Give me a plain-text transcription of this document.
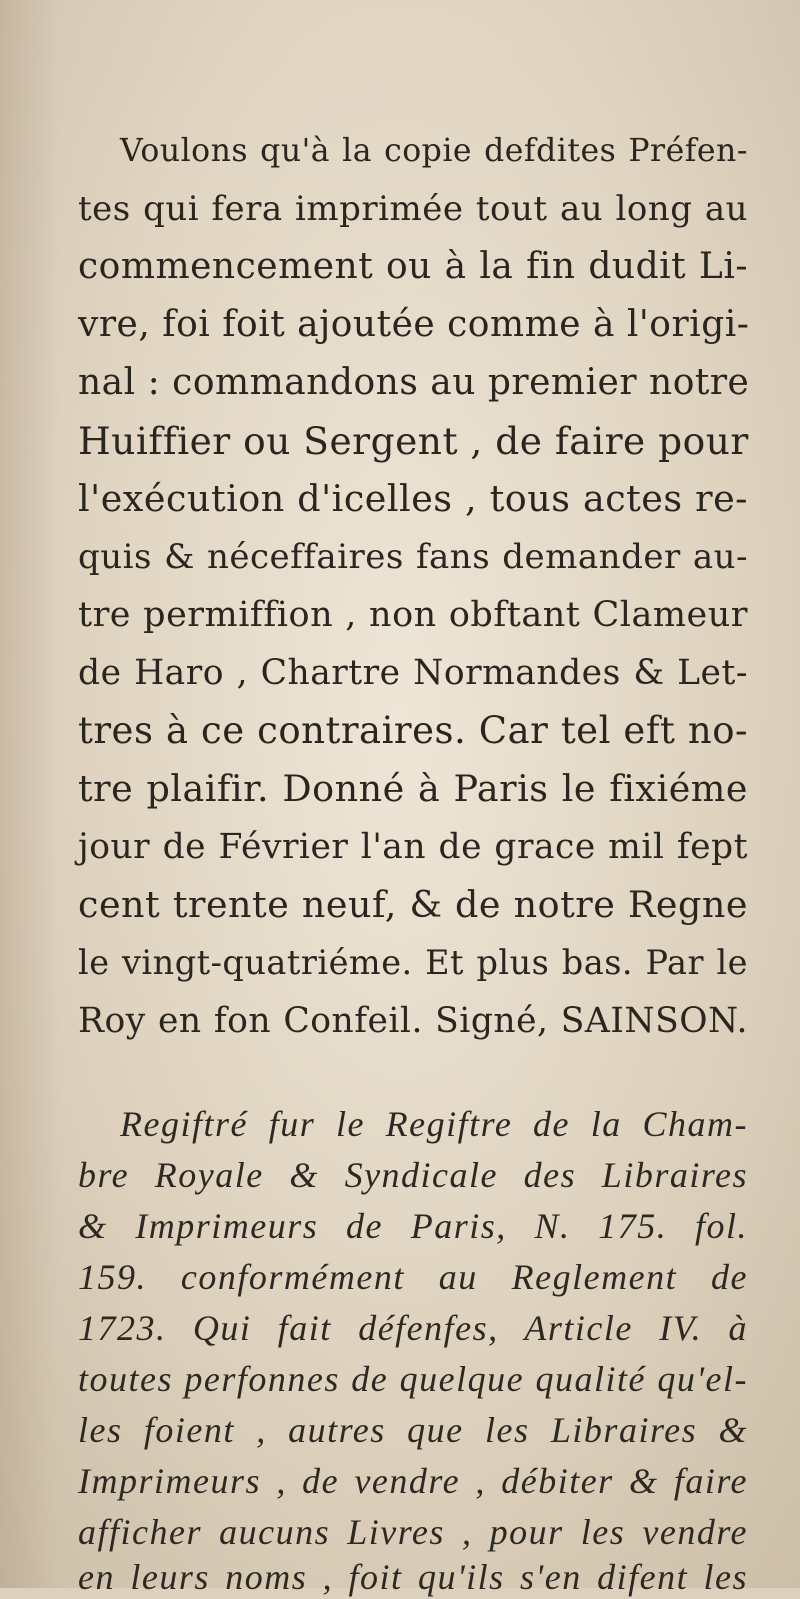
Voulons qu'à la copie defdites Préfen-
tes qui fera imprimée tout au long au
commencement ou à la fin dudit Li-
vre, foi foit ajoutée comme à l'origi-
nal : commandons au premier notre
Huiffier ou Sergent , de faire pour
l'exécution d'icelles , tous actes re-
quis & néceffaires fans demander au-
tre permiffion , non obftant Clameur
de Haro , Chartre Normandes & Let-
tres à ce contraires. Car tel eft no-
tre plaifir. Donné à Paris le fixiéme
jour de Février l'an de grace mil fept
cent trente neuf, & de notre Regne
le vingt-quatriéme. Et plus bas. Par le
Roy en fon Confeil. Signé, SAINSON.
Regiftré fur le Regiftre de la Cham-
bre Royale & Syndicale des Libraires
& Imprimeurs de Paris, N. 175. fol.
159. conformément au Reglement de
1723. Qui fait défenfes, Article IV. à
toutes perfonnes de quelque qualité qu'el-
les foient , autres que les Libraires &
Imprimeurs , de vendre , débiter & faire
afficher aucuns Livres , pour les vendre
en leurs noms , foit qu'ils s'en difent les
